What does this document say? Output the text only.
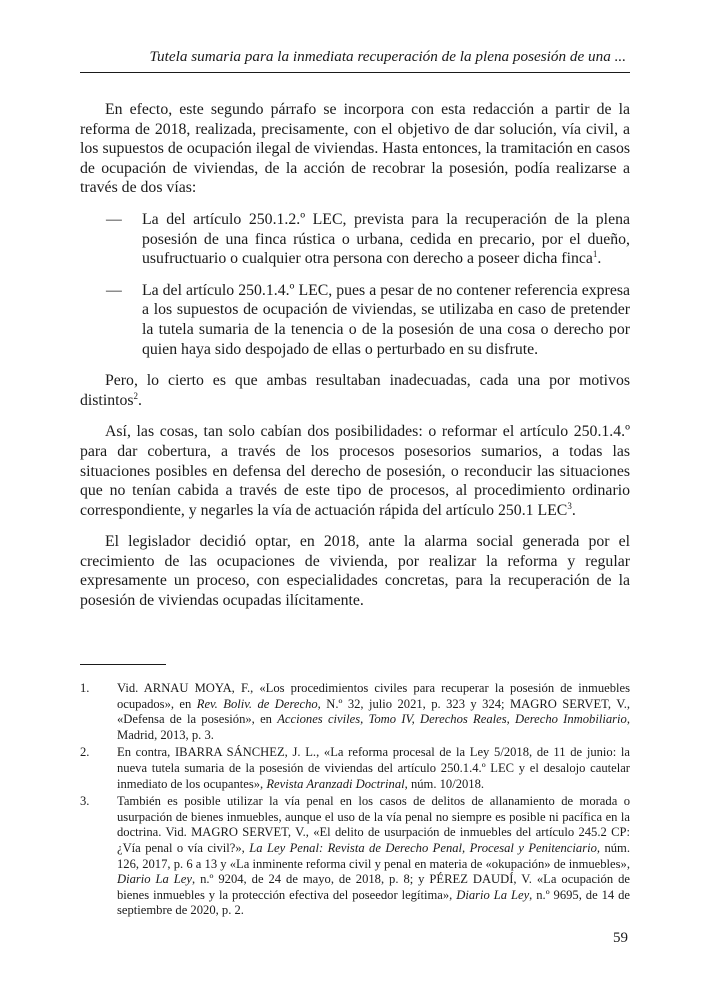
Tutela sumaria para la inmediata recuperación de la plena posesión de una ...

En efecto, este segundo párrafo se incorpora con esta redacción a partir de la reforma de 2018, realizada, precisamente, con el objetivo de dar solución, vía civil, a los supuestos de ocupación ilegal de viviendas. Hasta entonces, la tramitación en casos de ocupación de viviendas, de la acción de recobrar la posesión, podía realizarse a través de dos vías:

— La del artículo 250.1.2.º LEC, prevista para la recuperación de la plena posesión de una finca rústica o urbana, cedida en precario, por el dueño, usufructuario o cualquier otra persona con derecho a poseer dicha finca$^1$.
— La del artículo 250.1.4.º LEC, pues a pesar de no contener referencia expresa a los supuestos de ocupación de viviendas, se utilizaba en caso de pretender la tutela sumaria de la tenencia o de la posesión de una cosa o derecho por quien haya sido despojado de ellas o perturbado en su disfrute.

Pero, lo cierto es que ambas resultaban inadecuadas, cada una por motivos distintos$^2$.

Así, las cosas, tan solo cabían dos posibilidades: o reformar el artículo 250.1.4.º para dar cobertura, a través de los procesos posesorios sumarios, a todas las situaciones posibles en defensa del derecho de posesión, o reconducir las situaciones que no tenían cabida a través de este tipo de procesos, al procedimiento ordinario correspondiente, y negarles la vía de actuación rápida del artículo 250.1 LEC$^3$.

El legislador decidió optar, en 2018, ante la alarma social generada por el crecimiento de las ocupaciones de vivienda, por realizar la reforma y regular expresamente un proceso, con especialidades concretas, para la recuperación de la posesión de viviendas ocupadas ilícitamente.

1. Vid. ARNAU MOYA, F., «Los procedimientos civiles para recuperar la posesión de inmuebles ocupados», en Rev. Boliv. de Derecho, N.º 32, julio 2021, p. 323 y 324; MAGRO SERVET, V., «Defensa de la posesión», en Acciones civiles, Tomo IV, Derechos Reales, Derecho Inmobiliario, Madrid, 2013, p. 3.
2. En contra, IBARRA SÁNCHEZ, J. L., «La reforma procesal de la Ley 5/2018, de 11 de junio: la nueva tutela sumaria de la posesión de viviendas del artículo 250.1.4.º LEC y el desalojo cautelar inmediato de los ocupantes», Revista Aranzadi Doctrinal, núm. 10/2018.
3. También es posible utilizar la vía penal en los casos de delitos de allanamiento de morada o usurpación de bienes inmuebles, aunque el uso de la vía penal no siempre es posible ni pacífica en la doctrina. Vid. MAGRO SERVET, V., «El delito de usurpación de inmuebles del artículo 245.2 CP: ¿Vía penal o vía civil?», La Ley Penal: Revista de Derecho Penal, Procesal y Penitenciario, núm. 126, 2017, p. 6 a 13 y «La inminente reforma civil y penal en materia de «okupación» de inmuebles», Diario La Ley, n.º 9204, de 24 de mayo, de 2018, p. 8; y PÉREZ DAUDÍ, V. «La ocupación de bienes inmuebles y la protección efectiva del poseedor legítima», Diario La Ley, n.º 9695, de 14 de septiembre de 2020, p. 2.
59
